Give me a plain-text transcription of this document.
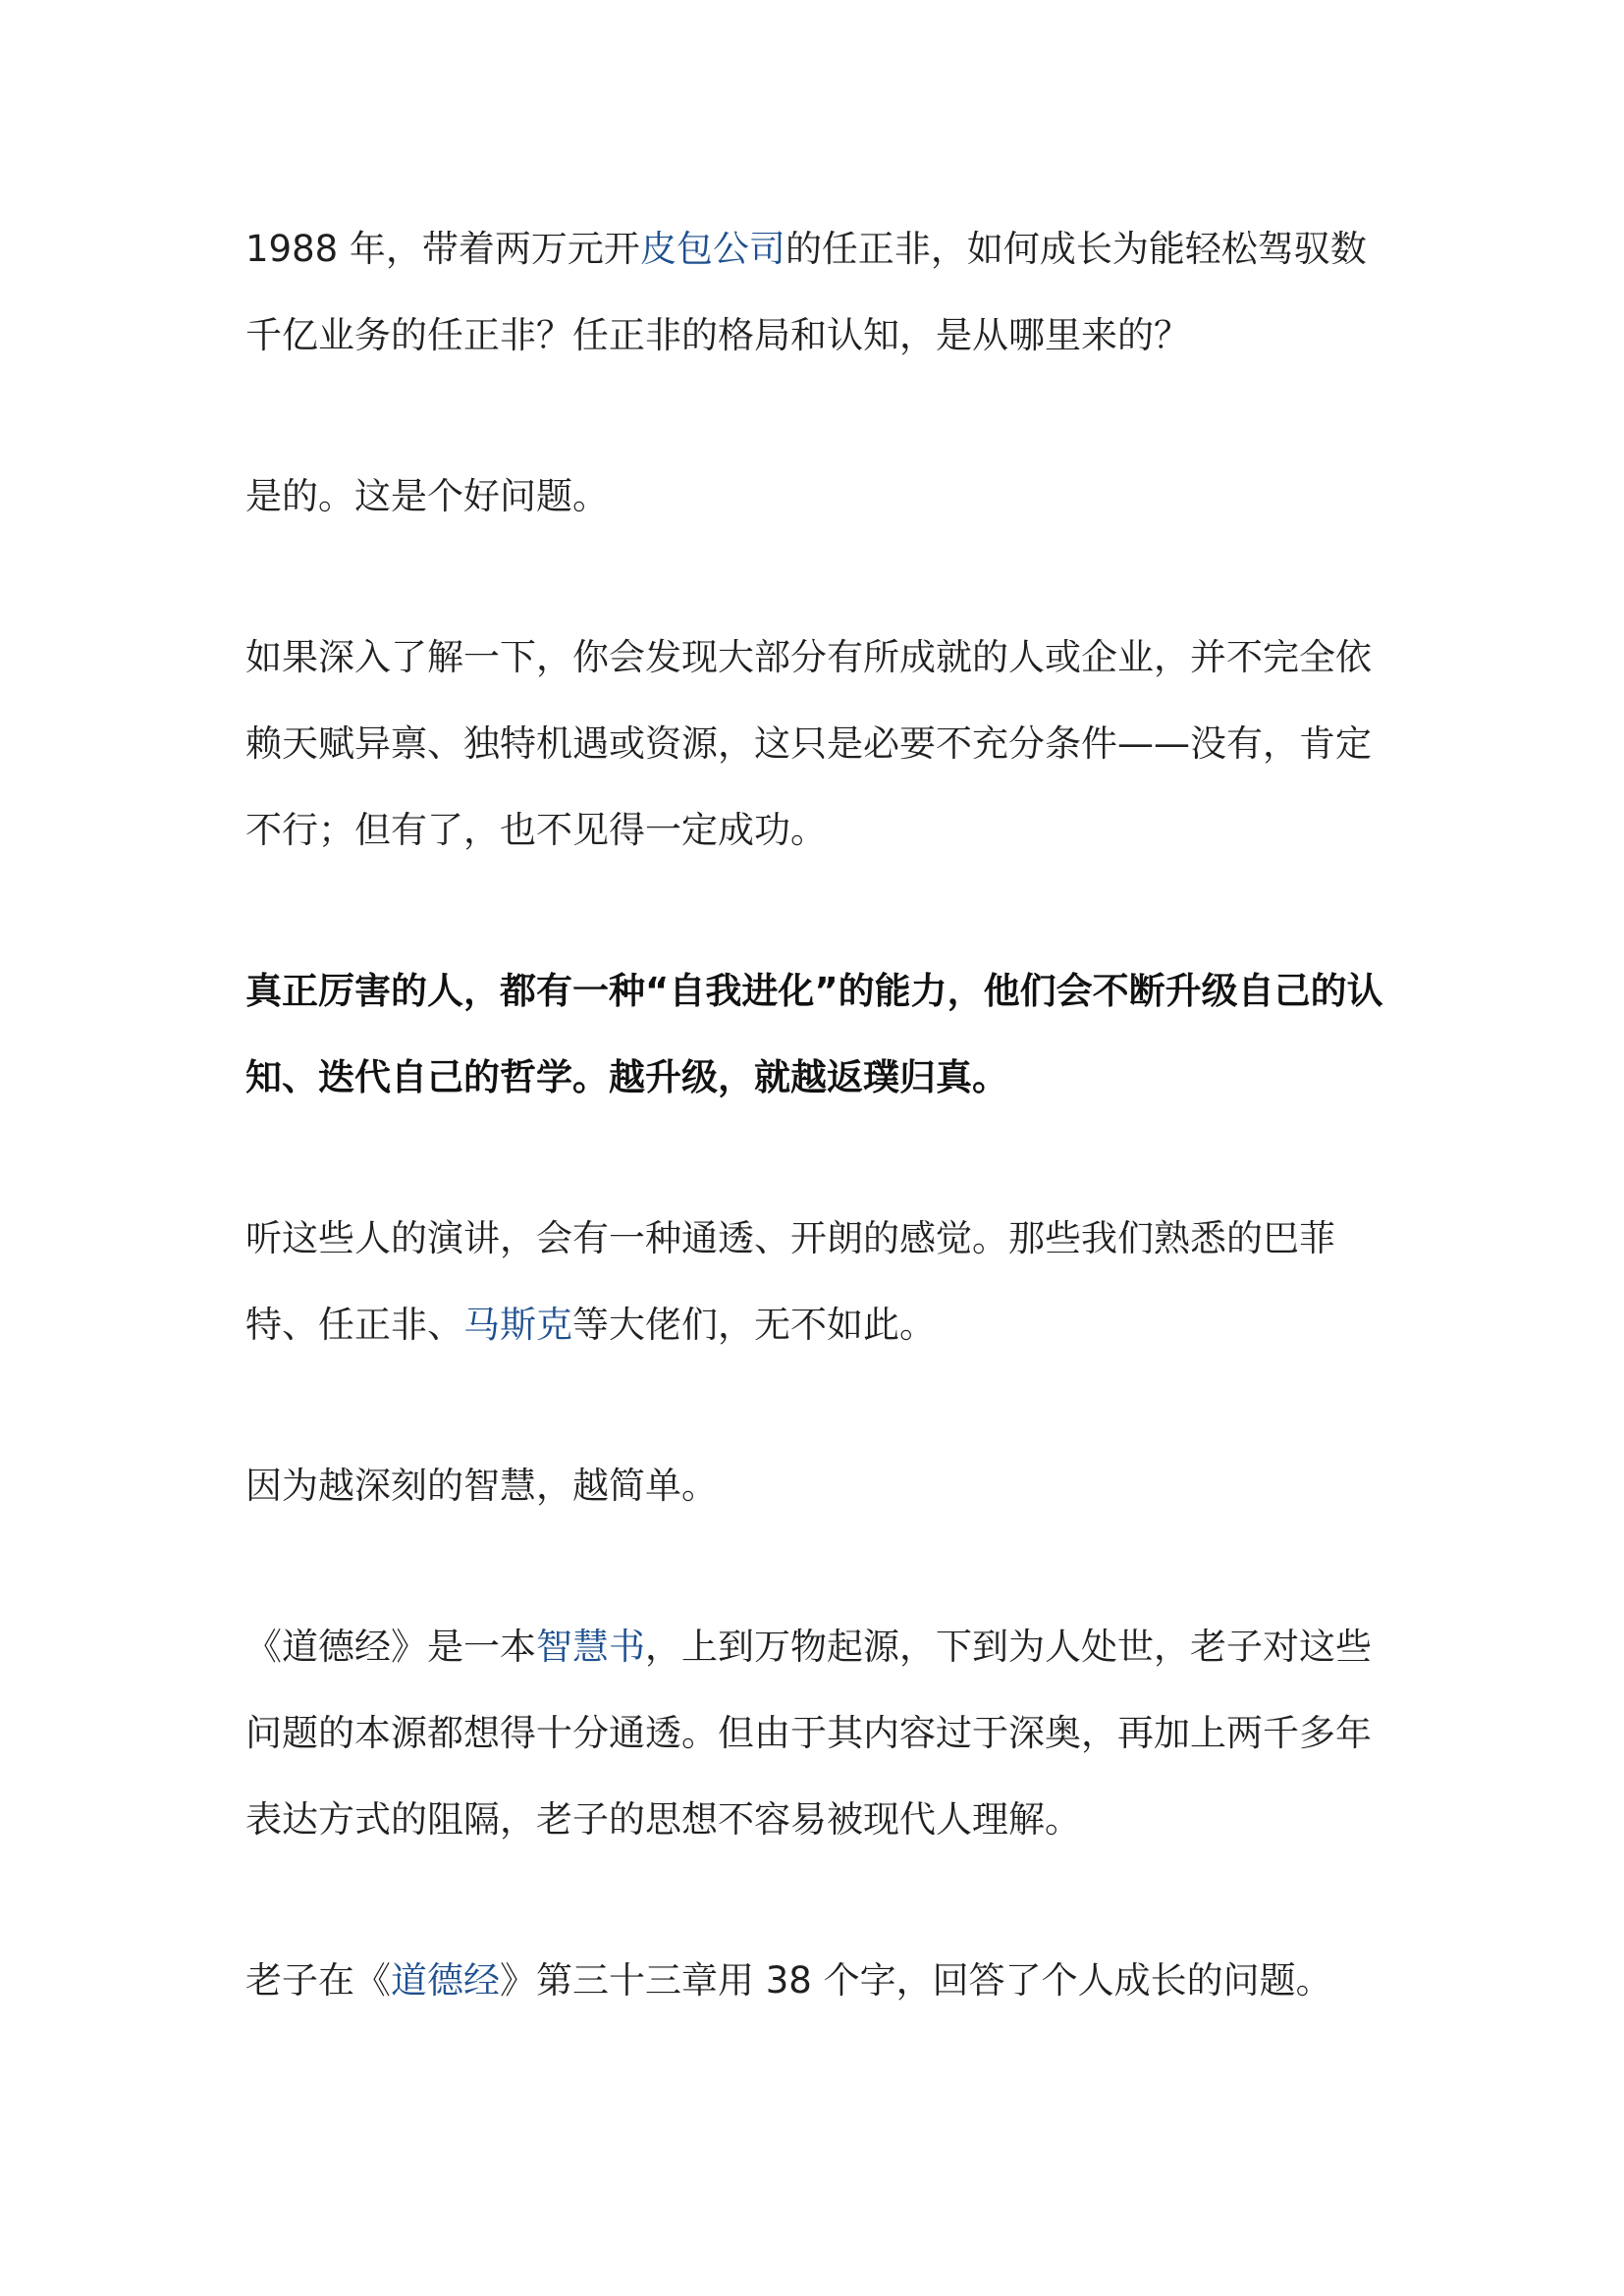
1988 年，带着两万元开皮包公司的任正非，如何成长为能轻松驾驭数千亿业务的任正非？任正非的格局和认知，是从哪里来的？

是的。这是个好问题。

如果深入了解一下，你会发现大部分有所成就的人或企业，并不完全依赖天赋异禀、独特机遇或资源，这只是必要不充分条件——没有，肯定不行；但有了，也不见得一定成功。

真正厉害的人，都有一种“自我进化”的能力，他们会不断升级自己的认知、迭代自己的哲学。越升级，就越返璞归真。

听这些人的演讲，会有一种通透、开朗的感觉。那些我们熟悉的巴菲特、任正非、马斯克等大佬们，无不如此。

因为越深刻的智慧，越简单。

《道德经》是一本智慧书，上到万物起源，下到为人处世，老子对这些问题的本源都想得十分通透。但由于其内容过于深奥，再加上两千多年表达方式的阻隔，老子的思想不容易被现代人理解。

老子在《道德经》第三十三章用 38 个字，回答了个人成长的问题。
